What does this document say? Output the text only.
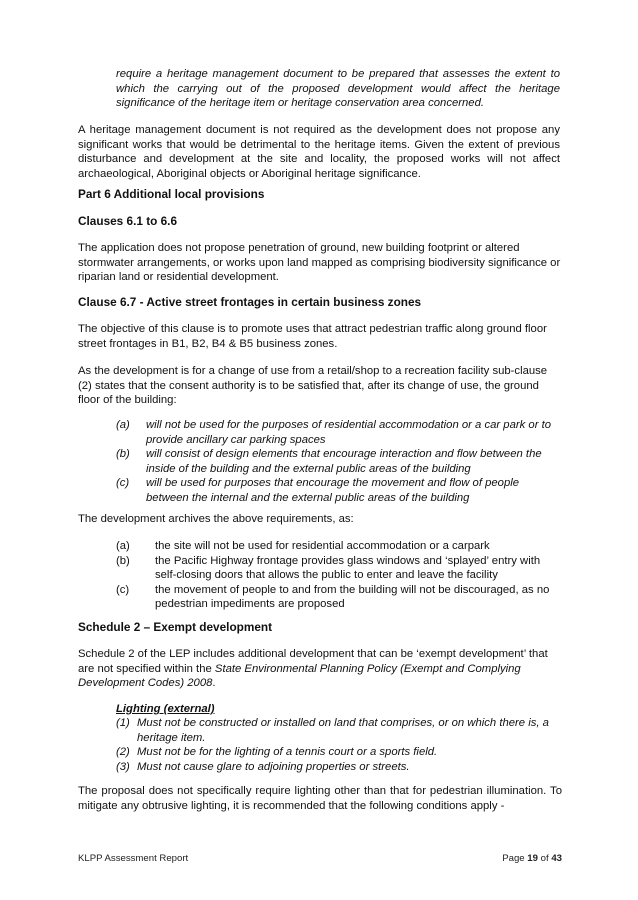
require a heritage management document to be prepared that assesses the extent to which the carrying out of the proposed development would affect the heritage significance of the heritage item or heritage conservation area concerned.

A heritage management document is not required as the development does not propose any significant works that would be detrimental to the heritage items. Given the extent of previous disturbance and development at the site and locality, the proposed works will not affect archaeological, Aboriginal objects or Aboriginal heritage significance.

Part 6 Additional local provisions

Clauses 6.1 to 6.6

The application does not propose penetration of ground, new building footprint or altered stormwater arrangements, or works upon land mapped as comprising biodiversity significance or riparian land or residential development.

Clause 6.7 - Active street frontages in certain business zones

The objective of this clause is to promote uses that attract pedestrian traffic along ground floor street frontages in B1, B2, B4 & B5 business zones.

As the development is for a change of use from a retail/shop to a recreation facility sub-clause (2) states that the consent authority is to be satisfied that, after its change of use, the ground floor of the building:

(a)	will not be used for the purposes of residential accommodation or a car park or to provide ancillary car parking spaces
(b)	will consist of design elements that encourage interaction and flow between the inside of the building and the external public areas of the building
(c)	will be used for purposes that encourage the movement and flow of people between the internal and the external public areas of the building

The development archives the above requirements, as:

(a)	the site will not be used for residential accommodation or a carpark
(b)	the Pacific Highway frontage provides glass windows and ‘splayed’ entry with self-closing doors that allows the public to enter and leave the facility
(c)	the movement of people to and from the building will not be discouraged, as no pedestrian impediments are proposed

Schedule 2 – Exempt development

Schedule 2 of the LEP includes additional development that can be ‘exempt development’ that are not specified within the State Environmental Planning Policy (Exempt and Complying Development Codes) 2008.

Lighting (external)

(1) Must not be constructed or installed on land that comprises, or on which there is, a heritage item.
(2) Must not be for the lighting of a tennis court or a sports field.
(3) Must not cause glare to adjoining properties or streets.

The proposal does not specifically require lighting other than that for pedestrian illumination. To mitigate any obtrusive lighting, it is recommended that the following conditions apply -

KLPP Assessment Report	Page 19 of 43
